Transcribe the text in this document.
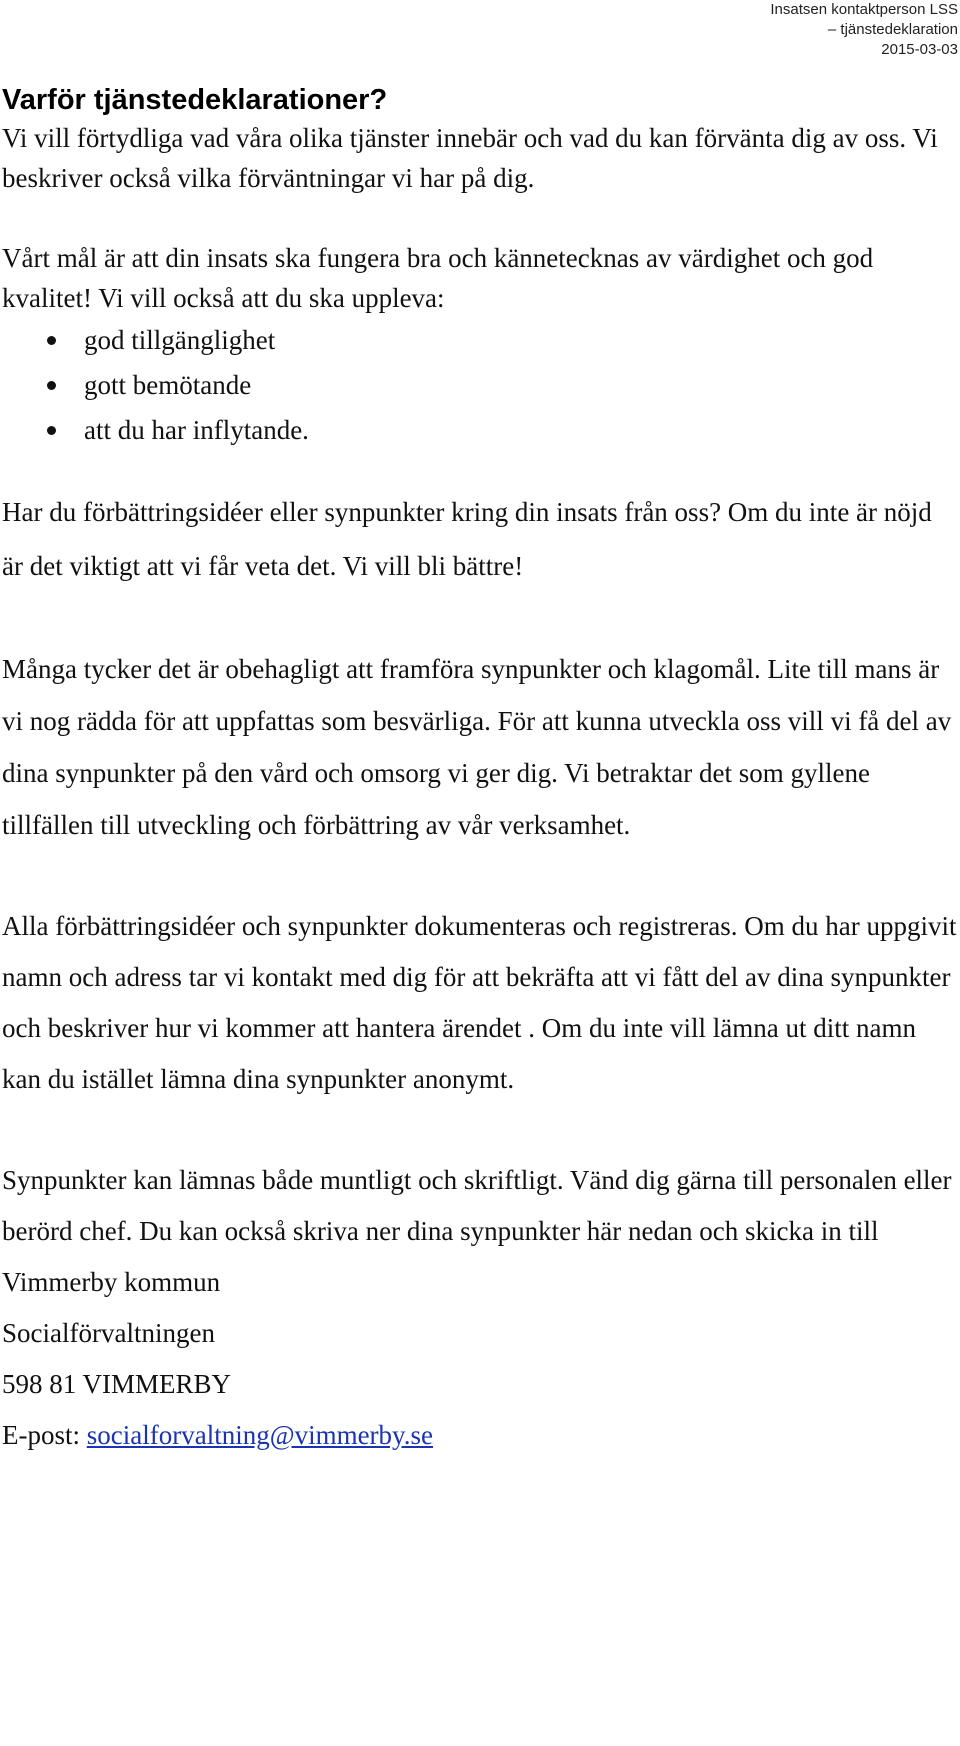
Insatsen kontaktperson LSS
– tjänstedeklaration
2015-03-03
Varför tjänstedeklarationer?

Vi vill förtydliga vad våra olika tjänster innebär och vad du kan förvänta dig av oss. Vi beskriver också vilka förväntningar vi har på dig.

Vårt mål är att din insats ska fungera bra och kännetecknas av värdighet och god kvalitet! Vi vill också att du ska uppleva:

god tillgänglighet
gott bemötande
att du har inflytande.

Har du förbättringsidéer eller synpunkter kring din insats från oss? Om du inte är nöjd är det viktigt att vi får veta det. Vi vill bli bättre!

Många tycker det är obehagligt att framföra synpunkter och klagomål. Lite till mans är vi nog rädda för att uppfattas som besvärliga. För att kunna utveckla oss vill vi få del av dina synpunkter på den vård och omsorg vi ger dig. Vi betraktar det som gyllene tillfällen till utveckling och förbättring av vår verksamhet.

Alla förbättringsidéer och synpunkter dokumenteras och registreras. Om du har uppgivit namn och adress tar vi kontakt med dig för att bekräfta att vi fått del av dina synpunkter och beskriver hur vi kommer att hantera ärendet . Om du inte vill lämna ut ditt namn kan du istället lämna dina synpunkter anonymt.

Synpunkter kan lämnas både muntligt och skriftligt. Vänd dig gärna till personalen eller berörd chef. Du kan också skriva ner dina synpunkter här nedan och skicka in till

Vimmerby kommun

Socialförvaltningen

598 81 VIMMERBY

E-post: socialforvaltning@vimmerby.se
